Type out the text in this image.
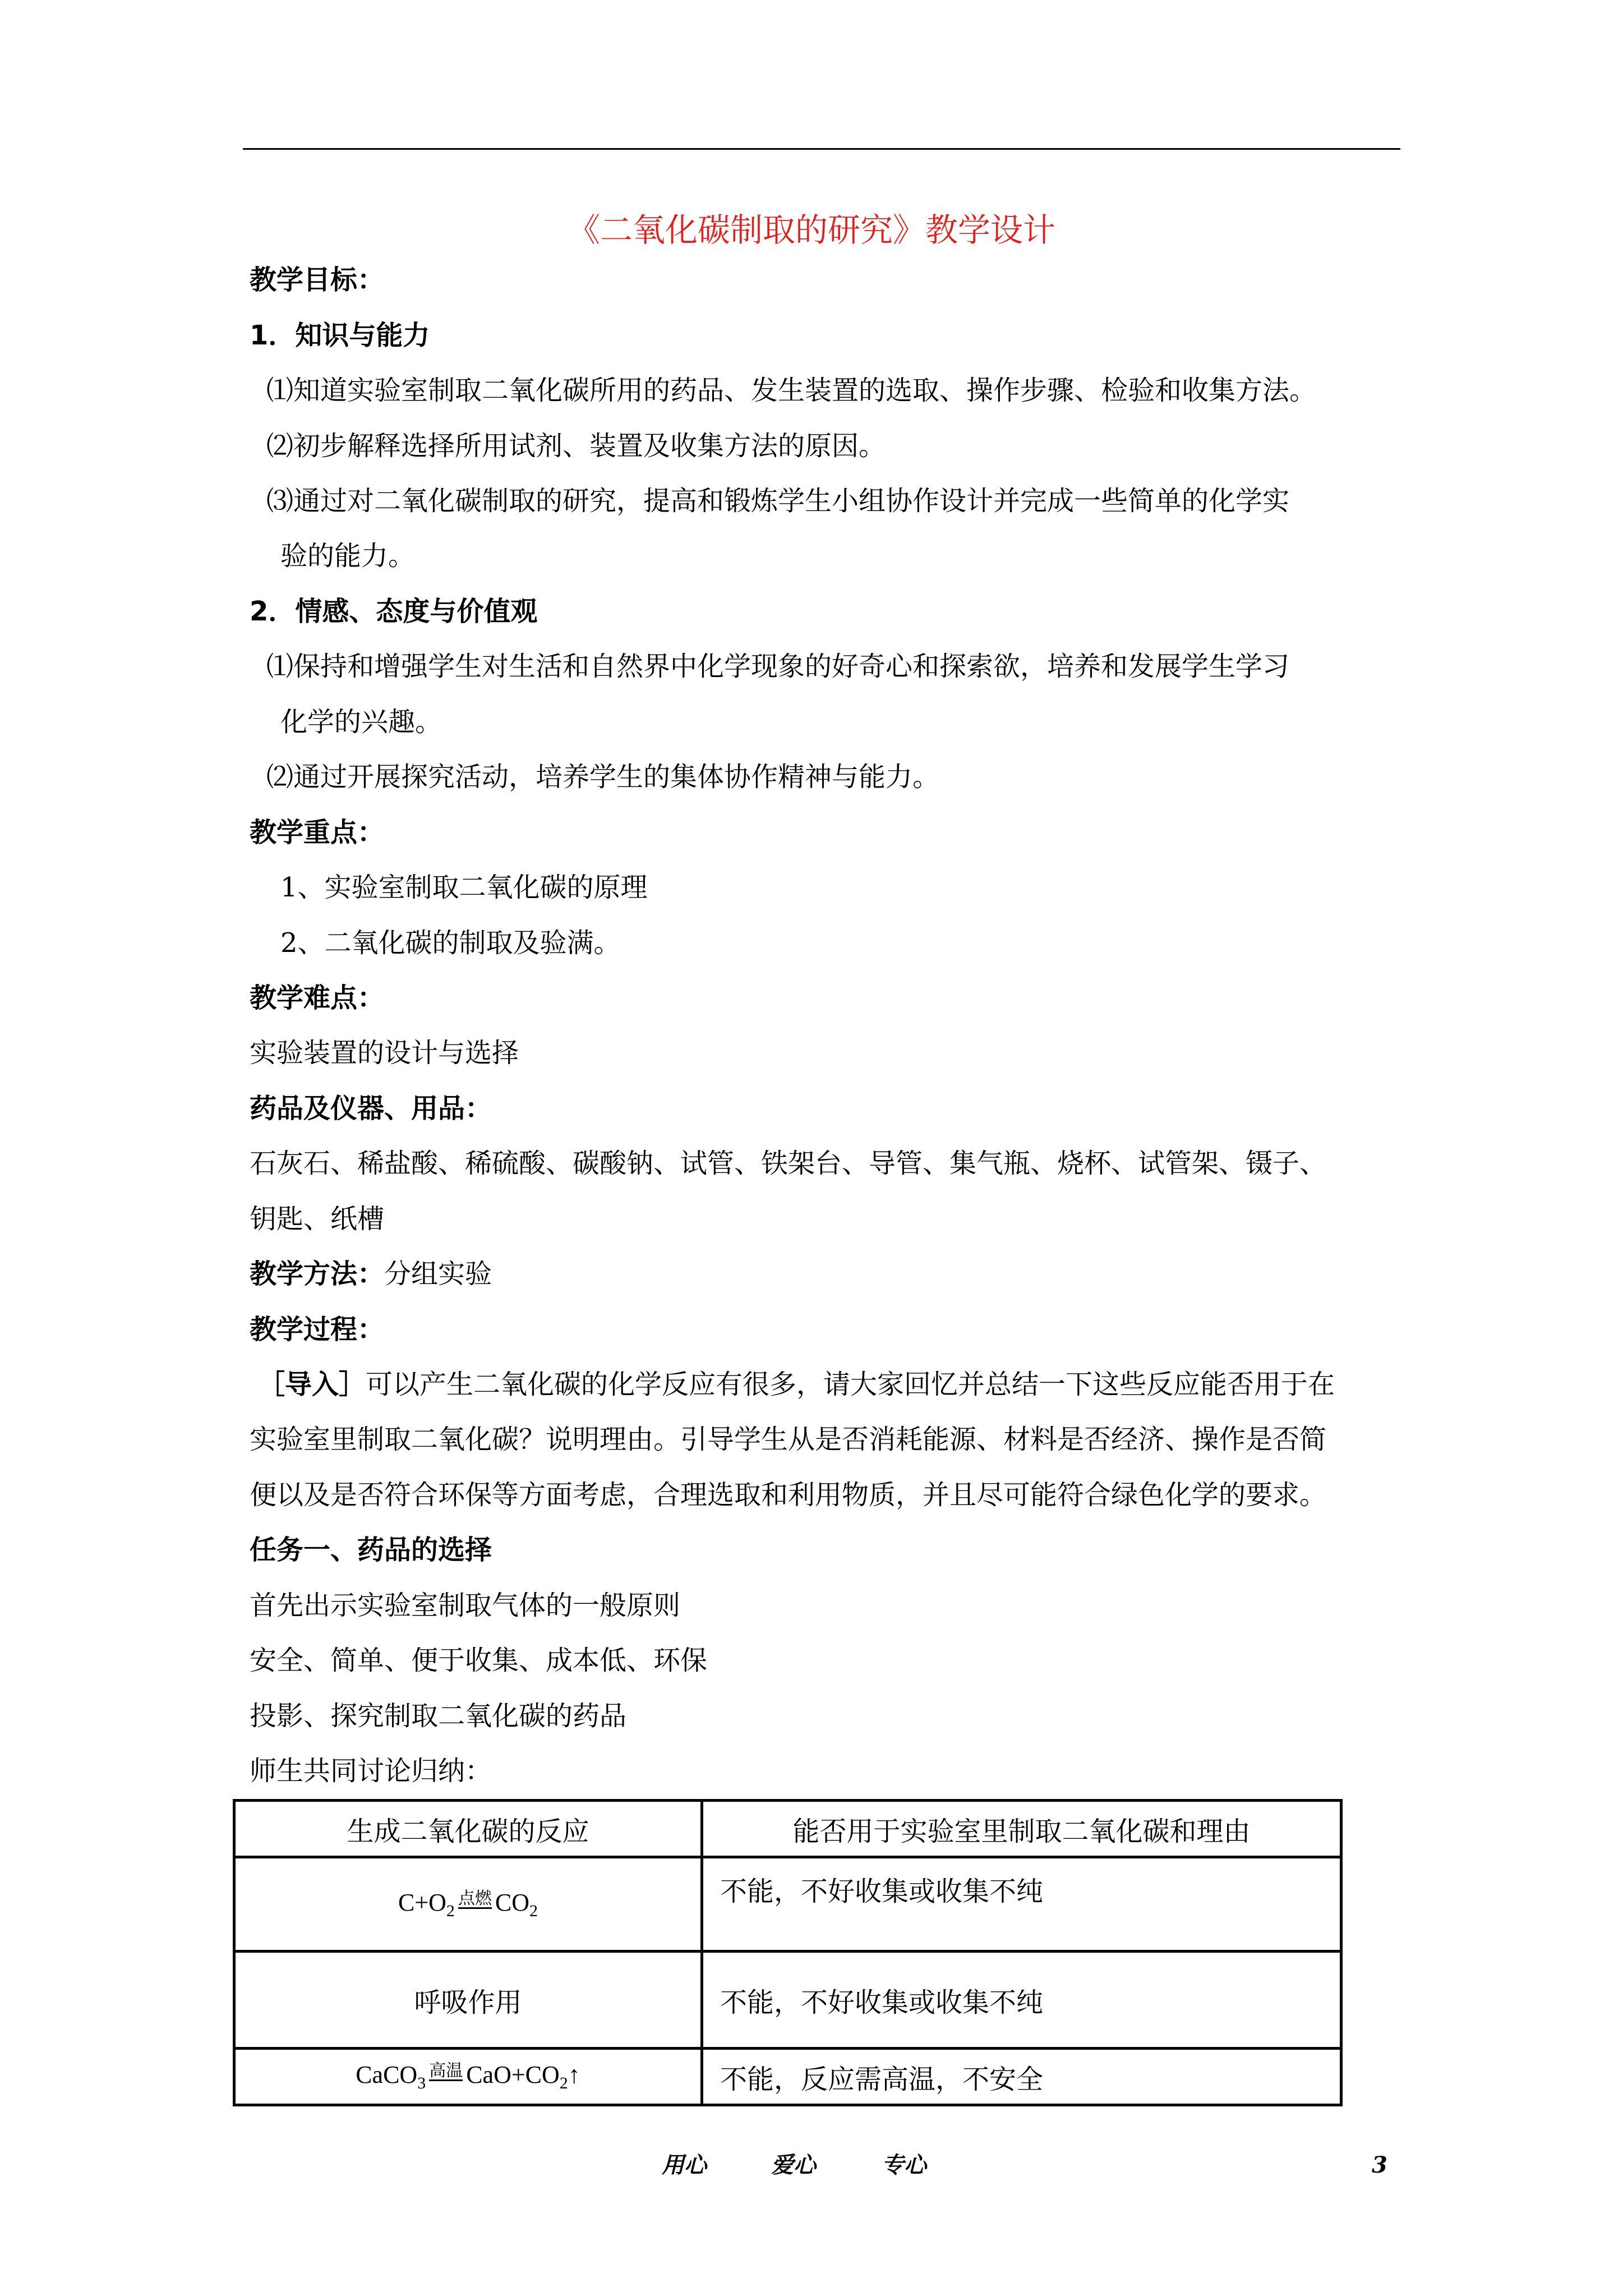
《二氧化碳制取的研究》教学设计
教学目标：
1．知识与能力
⑴知道实验室制取二氧化碳所用的药品、发生装置的选取、操作步骤、检验和收集方法。
⑵初步解释选择所用试剂、装置及收集方法的原因。
⑶通过对二氧化碳制取的研究，提高和锻炼学生小组协作设计并完成一些简单的化学实
验的能力。
2．情感、态度与价值观
⑴保持和增强学生对生活和自然界中化学现象的好奇心和探索欲，培养和发展学生学习
化学的兴趣。
⑵通过开展探究活动，培养学生的集体协作精神与能力。
教学重点：
1、实验室制取二氧化碳的原理
2、二氧化碳的制取及验满。
教学难点：
实验装置的设计与选择
药品及仪器、用品：
石灰石、稀盐酸、稀硫酸、碳酸钠、试管、铁架台、导管、集气瓶、烧杯、试管架、镊子、
钥匙、纸槽
教学方法：分组实验
教学过程：
［导入］可以产生二氧化碳的化学反应有很多，请大家回忆并总结一下这些反应能否用于在
实验室里制取二氧化碳？说明理由。引导学生从是否消耗能源、材料是否经济、操作是否简
便以及是否符合环保等方面考虑，合理选取和利用物质，并且尽可能符合绿色化学的要求。
任务一、药品的选择
首先出示实验室制取气体的一般原则
安全、简单、便于收集、成本低、环保
投影、探究制取二氧化碳的药品
师生共同讨论归纳：
生成二氧化碳的反应	能否用于实验室里制取二氧化碳和理由
$C+O_2$点燃 $CO_2$	不能，不好收集或收集不纯
呼吸作用	不能，不好收集或收集不纯
CaCO$_3$高温 $CaO+CO_2↑$	不能，反应需高温，不安全
用心	爱心	专心	3
